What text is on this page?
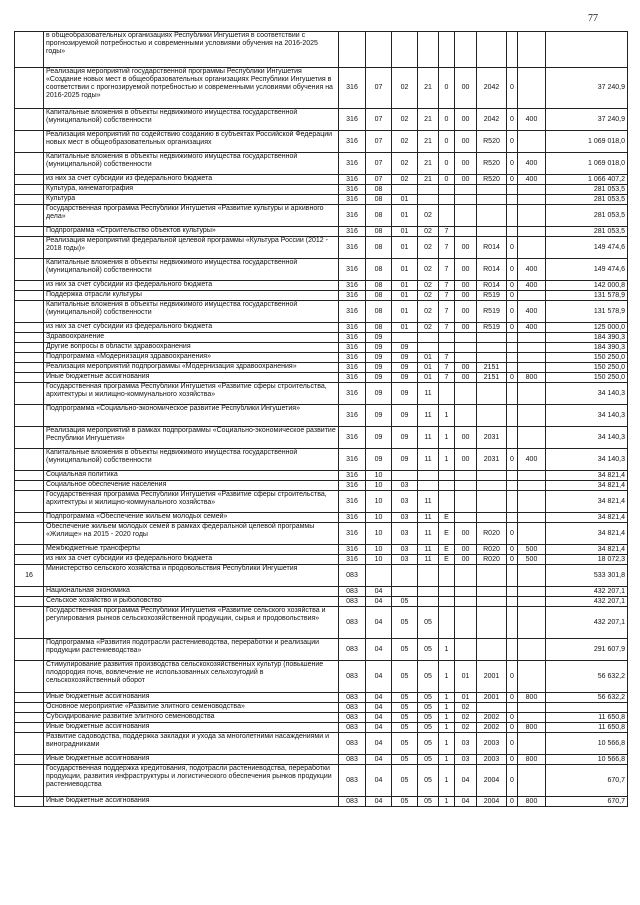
77
	в общеобразовательных организациях Республики Ингушетия в соответствии с прогнозируемой потребностью и современными условиями обучения на 2016-2025 годы»										
	Реализация мероприятий государственной программы Республики Ингушетия «Создание новых мест в общеобразовательных организациях Республики Ингушетия в соответствии с прогнозируемой потребностью и современными условиями обучения на 2016-2025 годы»	316	07	02	21	0	00	2042	0		37 240,9
	Капитальные вложения в объекты недвижимого имущества государственной (муниципальной) собственности	316	07	02	21	0	00	2042	0	400	37 240,9
	Реализация мероприятий по содействию созданию в субъектах Российской Федерации новых мест в общеобразовательных организациях	316	07	02	21	0	00	R520	0		1 069 018,0
	Капитальные вложения в объекты недвижимого имущества государственной (муниципальной) собственности	316	07	02	21	0	00	R520	0	400	1 069 018,0
	из них за счет субсидии из федерального бюджета	316	07	02	21	0	00	R520	0	400	1 066 407,2
	Культура, кинематография	316	08								281 053,5
	Культура	316	08	01							281 053,5
	Государственная программа Республики Ингушетия «Развитие культуры и архивного дела»	316	08	01	02						281 053,5
	Подпрограмма «Строительство объектов культуры»	316	08	01	02	7					281 053,5
	Реализация мероприятий федеральной целевой программы «Культура России (2012 - 2018 годы)»	316	08	01	02	7	00	R014	0		149 474,6
	Капитальные вложения в объекты недвижимого имущества государственной (муниципальной) собственности	316	08	01	02	7	00	R014	0	400	149 474,6
	из них за счет субсидии из федерального бюджета	316	08	01	02	7	00	R014	0	400	142 000,8
	Поддержка отрасли культуры	316	08	01	02	7	00	R519	0		131 578,9
	Капитальные вложения в объекты недвижимого имущества государственной (муниципальной) собственности	316	08	01	02	7	00	R519	0	400	131 578,9
	из них за счет субсидии из федерального бюджета	316	08	01	02	7	00	R519	0	400	125 000,0
	Здравоохранение	316	09								184 390,3
	Другие вопросы в области здравоохранения	316	09	09							184 390,3
	Подпрограмма «Модернизация здравоохранения»	316	09	09	01	7					150 250,0
	Реализация мероприятий подпрограммы «Модернизация здравоохранения»	316	09	09	01	7	00	2151			150 250,0
	Иные бюджетные ассигнования	316	09	09	01	7	00	2151	0	800	150 250,0
	Государственная программа Республики Ингушетия «Развитие сферы строительства, архитектуры и жилищно-коммунального хозяйства»	316	09	09	11						34 140,3
	Подпрограмма «Социально-экономическое развитие Республики Ингушетия»	316	09	09	11	1					34 140,3
	Реализация мероприятий в рамках подпрограммы «Социально-экономическое развитие Республики Ингушетия»	316	09	09	11	1	00	2031			34 140,3
	Капитальные вложения в объекты недвижимого имущества государственной (муниципальной) собственности	316	09	09	11	1	00	2031	0	400	34 140,3
	Социальная политика	316	10								34 821,4
	Социальное обеспечение населения	316	10	03							34 821,4
	Государственная программа Республики Ингушетия «Развитие сферы строительства, архитектуры и жилищно-коммунального хозяйства»	316	10	03	11						34 821,4
	Подпрограмма «Обеспечение жильем молодых семей»	316	10	03	11	E					34 821,4
	Обеспечение жильем молодых семей в рамках федеральной целевой программы «Жилище» на 2015 - 2020 годы	316	10	03	11	E	00	R020	0		34 821,4
	Межбюджетные трансферты	316	10	03	11	E	00	R020	0	500	34 821,4
	из них за счет субсидии из федерального бюджета	316	10	03	11	E	00	R020	0	500	18 072,3
16	Министерство сельского хозяйства и продовольствия Республики Ингушетия	083									533 301,8
	Национальная экономика	083	04								432 207,1
	Сельское хозяйство и рыболовство	083	04	05							432 207,1
	Государственная программа Республики Ингушетия «Развитие сельского хозяйства и регулирования рынков сельскохозяйственной продукции, сырья и продовольствия»	083	04	05	05						432 207,1
	Подпрограмма «Развития подотрасли растениеводства, переработки и реализации продукции растениеводства»	083	04	05	05	1					291 607,9
	Стимулирование развития производства сельскохозяйственных культур (повышение плодородия почв, вовлечение не использованных сельхозугодий в сельскохозяйственный оборот	083	04	05	05	1	01	2001	0		56 632,2
	Иные бюджетные ассигнования	083	04	05	05	1	01	2001	0	800	56 632,2
	Основное мероприятие «Развитие элитного семеноводства»	083	04	05	05	1	02				
	Субсидирование развитие элитного семеноводства	083	04	05	05	1	02	2002	0		11 650,8
	Иные бюджетные ассигнования	083	04	05	05	1	02	2002	0	800	11 650,8
	Развитие садоводства, поддержка закладки и ухода за многолетними насаждениями и виноградниками	083	04	05	05	1	03	2003	0		10 566,8
	Иные бюджетные ассигнования	083	04	05	05	1	03	2003	0	800	10 566,8
	Государственная поддержка кредитования, подотрасли растениеводства, переработки продукции, развития инфраструктуры и логистического обеспечения рынков продукции растениеводства	083	04	05	05	1	04	2004	0		670,7
	Иные бюджетные ассигнования	083	04	05	05	1	04	2004	0	800	670,7
